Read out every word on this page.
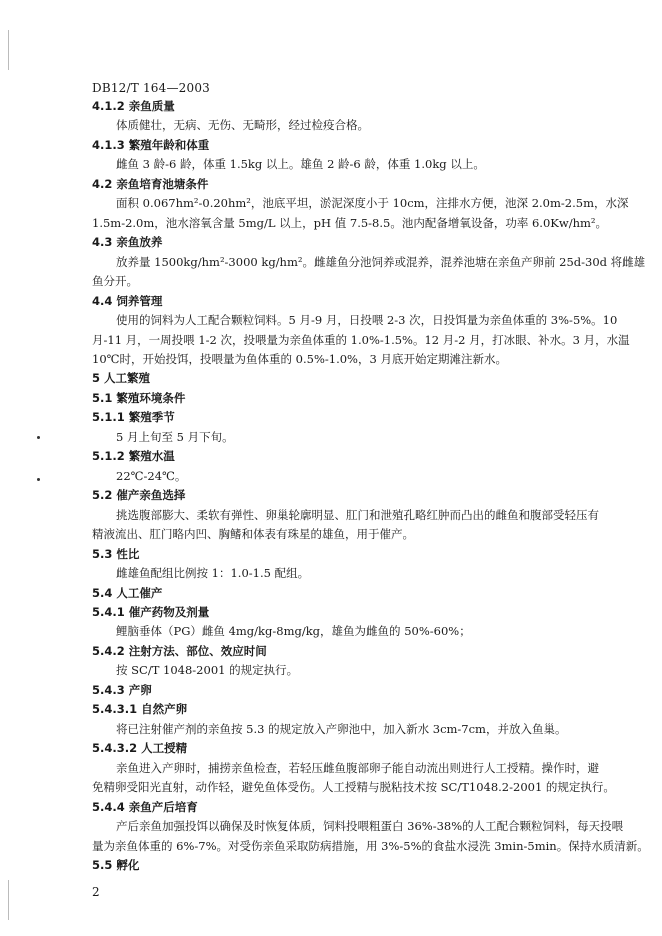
DB12/T 164—2003
4.1.2 亲鱼质量
体质健壮，无病、无伤、无畸形，经过检疫合格。
4.1.3 繁殖年龄和体重
雌鱼 3 龄-6 龄，体重 1.5kg 以上。雄鱼 2 龄-6 龄，体重 1.0kg 以上。
4.2 亲鱼培育池塘条件
面积 0.067hm²-0.20hm²，池底平坦，淤泥深度小于 10cm，注排水方便，池深 2.0m-2.5m，水深
1.5m-2.0m，池水溶氧含量 5mg/L 以上，pH 值 7.5-8.5。池内配备增氧设备，功率 6.0Kw/hm²。
4.3 亲鱼放养
放养量 1500kg/hm²-3000 kg/hm²。雌雄鱼分池饲养或混养，混养池塘在亲鱼产卵前 25d-30d 将雌雄
鱼分开。
4.4 饲养管理
使用的饲料为人工配合颗粒饲料。5 月-9 月，日投喂 2-3 次，日投饵量为亲鱼体重的 3%-5%。10
月-11 月，一周投喂 1-2 次，投喂量为亲鱼体重的 1.0%-1.5%。12 月-2 月，打冰眼、补水。3 月，水温
10℃时，开始投饵，投喂量为鱼体重的 0.5%-1.0%，3 月底开始定期滩注新水。
5 人工繁殖
5.1 繁殖环境条件
5.1.1 繁殖季节
5 月上旬至 5 月下旬。
5.1.2 繁殖水温
22℃-24℃。
5.2 催产亲鱼选择
挑选腹部膨大、柔软有弹性、卵巢轮廓明显、肛门和泄殖孔略红肿而凸出的雌鱼和腹部受轻压有
精液流出、肛门略内凹、胸鳍和体表有珠星的雄鱼，用于催产。
5.3 性比
雌雄鱼配组比例按 1：1.0-1.5 配组。
5.4 人工催产
5.4.1 催产药物及剂量
鲤脑垂体（PG）雌鱼 4mg/kg-8mg/kg，雄鱼为雌鱼的 50%-60%；
5.4.2 注射方法、部位、效应时间
按 SC/T 1048-2001 的规定执行。
5.4.3 产卵
5.4.3.1 自然产卵
将已注射催产剂的亲鱼按 5.3 的规定放入产卵池中，加入新水 3cm-7cm，并放入鱼巢。
5.4.3.2 人工授精
亲鱼进入产卵时，捕捞亲鱼检查，若轻压雌鱼腹部卵子能自动流出则进行人工授精。操作时，避
免精卵受阳光直射，动作轻，避免鱼体受伤。人工授精与脱粘技术按 SC/T1048.2-2001 的规定执行。
5.4.4 亲鱼产后培育
产后亲鱼加强投饵以确保及时恢复体质，饲料投喂粗蛋白 36%-38%的人工配合颗粒饲料，每天投喂
量为亲鱼体重的 6%-7%。对受伤亲鱼采取防病措施，用 3%-5%的食盐水浸洗 3min-5min。保持水质清新。
5.5 孵化
2
